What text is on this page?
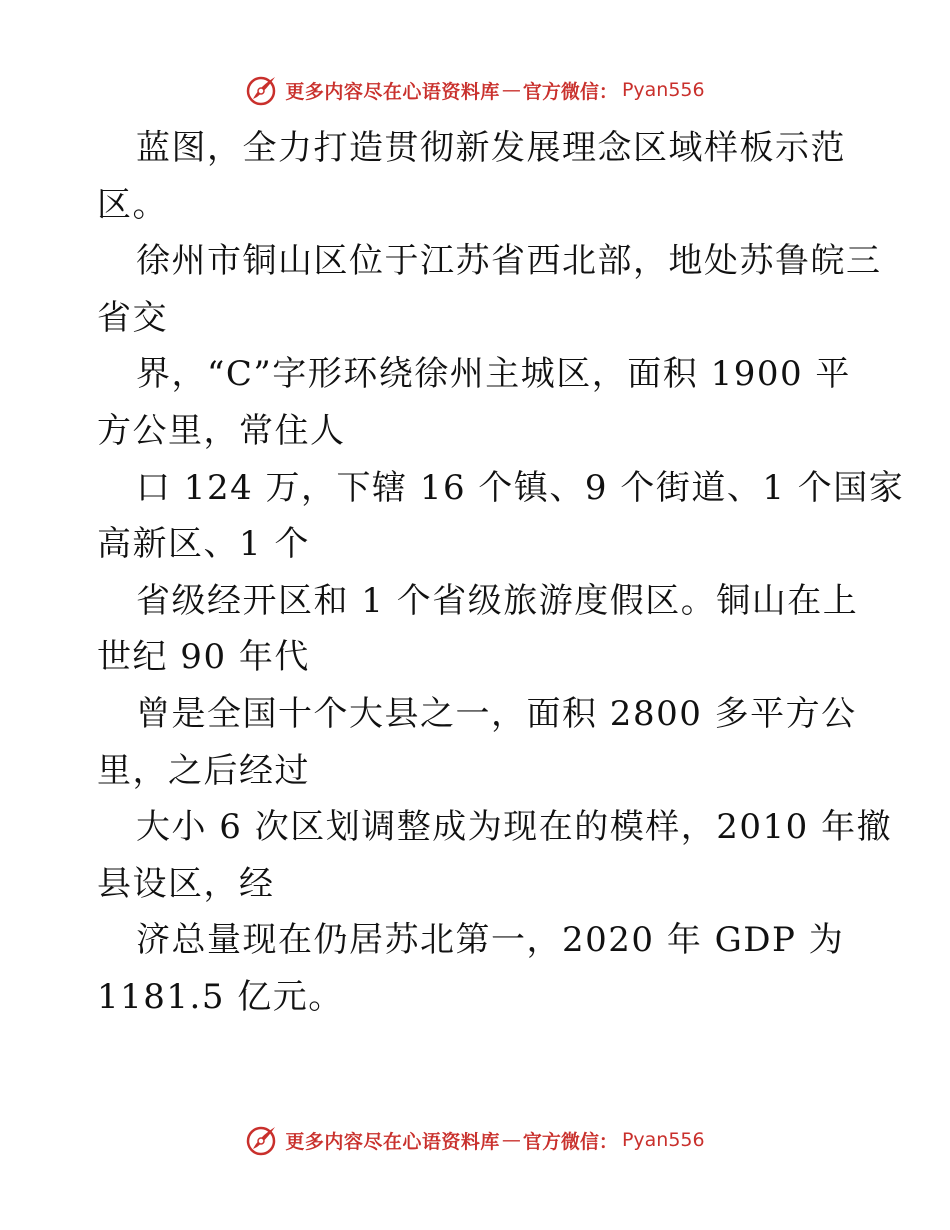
更多内容尽在心语资料库 — 官方微信： Pyan556
蓝图，全力打造贯彻新发展理念区域样板示范
区。
徐州市铜山区位于江苏省西北部，地处苏鲁皖三
省交
界，“C”字形环绕徐州主城区，面积 1900 平
方公里，常住人
口 124 万，下辖 16 个镇、9 个街道、1 个国家
高新区、1 个
省级经开区和 1 个省级旅游度假区。铜山在上
世纪 90 年代
曾是全国十个大县之一，面积 2800 多平方公
里，之后经过
大小 6 次区划调整成为现在的模样，2010 年撤
县设区，经
济总量现在仍居苏北第一，2020 年 GDP 为
1181.5 亿元。
更多内容尽在心语资料库 — 官方微信： Pyan556
